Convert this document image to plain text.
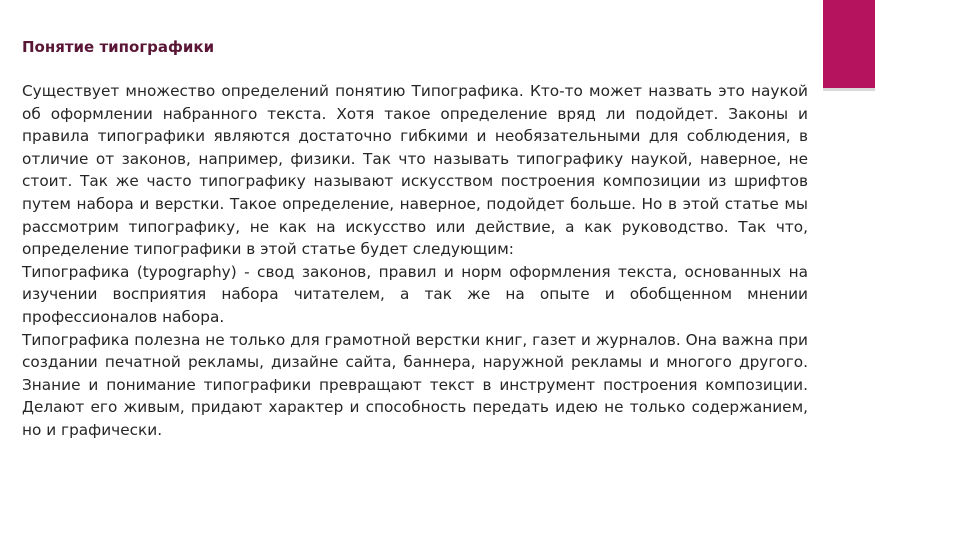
Понятие типографики

Существует множество определений понятию Типографика. Кто-то может назвать это наукой об оформлении набранного текста. Хотя такое определение вряд ли подойдет. Законы и правила типографики являются достаточно гибкими и необязательными для соблюдения, в отличие от законов, например, физики. Так что называть типографику наукой, наверное, не стоит. Так же часто типографику называют искусством построения композиции из шрифтов путем набора и верстки. Такое определение, наверное, подойдет больше. Но в этой статье мы рассмотрим типографику, не как на искусство или действие, а как руководство. Так что, определение типографики в этой статье будет следующим:

Типографика (typography) - свод законов, правил и норм оформления текста, основанных на изучении восприятия набора читателем, а так же на опыте и обобщенном мнении профессионалов набора.

Типографика полезна не только для грамотной верстки книг, газет и журналов. Она важна при создании печатной рекламы, дизайне сайта, баннера, наружной рекламы и многого другого. Знание и понимание типографики превращают текст в инструмент построения композиции. Делают его живым, придают характер и способность передать идею не только содержанием, но и графически.
